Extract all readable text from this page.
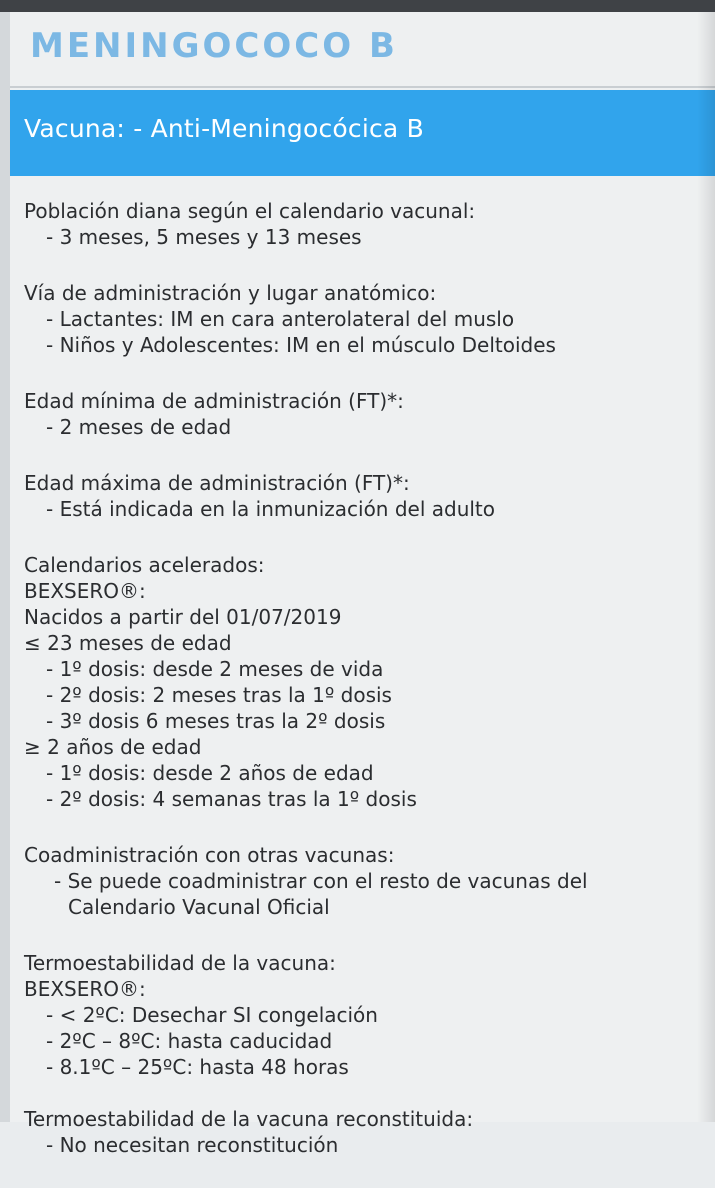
MENINGOCOCO B
Vacuna: - Anti-Meningocócica B
Población diana según el calendario vacunal:
- 3 meses, 5 meses y 13 meses
Vía de administración y lugar anatómico:
- Lactantes: IM en cara anterolateral del muslo
- Niños y Adolescentes: IM en el músculo Deltoides
Edad mínima de administración (FT)*:
- 2 meses de edad
Edad máxima de administración (FT)*:
- Está indicada en la inmunización del adulto
Calendarios acelerados:
BEXSERO®:
Nacidos a partir del 01/07/2019
≤ 23 meses de edad
- 1º dosis: desde 2 meses de vida
- 2º dosis: 2 meses tras la 1º dosis
- 3º dosis 6 meses tras la 2º dosis
≥ 2 años de edad
- 1º dosis: desde 2 años de edad
- 2º dosis: 4 semanas tras la 1º dosis
Coadministración con otras vacunas:
- Se puede coadministrar con el resto de vacunas del
Calendario Vacunal Oficial
Termoestabilidad de la vacuna:
BEXSERO®:
- < 2ºC: Desechar SI congelación
- 2ºC – 8ºC: hasta caducidad
- 8.1ºC – 25ºC: hasta 48 horas
Termoestabilidad de la vacuna reconstituida:
- No necesitan reconstitución
